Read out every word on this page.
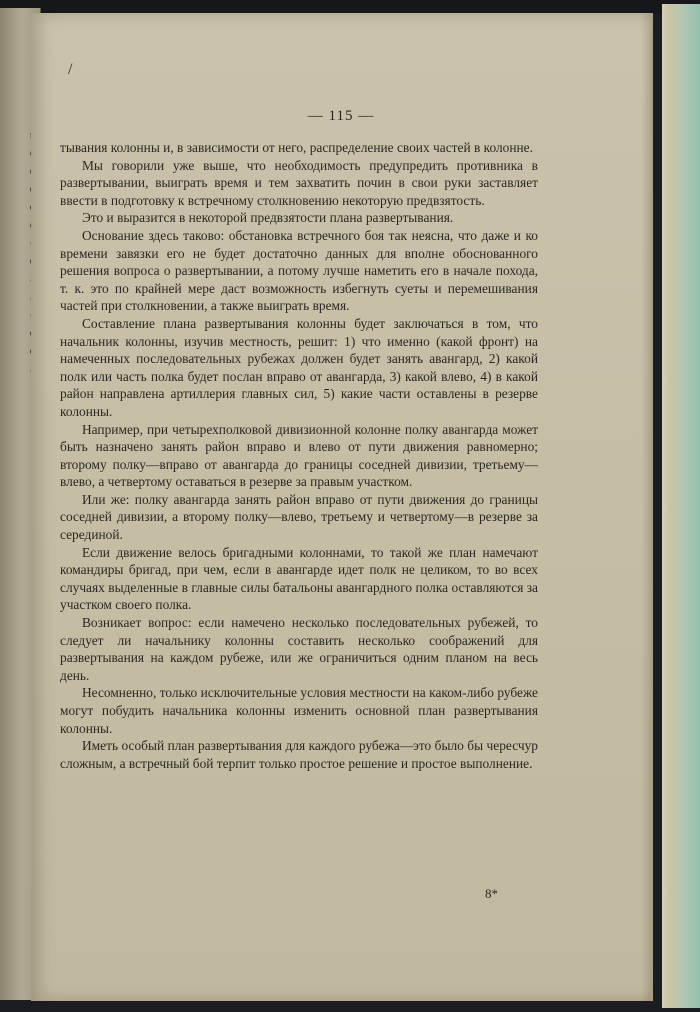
/
— 115 —

тывания колонны и, в зависимости от него, распределение своих частей в колонне.

Мы говорили уже выше, что необходимость предупредить противника в развертывании, выиграть время и тем захватить почин в свои руки заставляет ввести в подготовку к встречному столкновению некоторую предвзятость.

Это и выразится в некоторой предвзятости плана развертывания.

Основание здесь таково: обстановка встречного боя так неясна, что даже и ко времени завязки его не будет достаточно данных для вполне обоснованного решения вопроса о развертывании, а потому лучше наметить его в начале похода, т. к. это по крайней мере даст возможность избегнуть суеты и перемешивания частей при столкновении, а также выиграть время.

Составление плана развертывания колонны будет заключаться в том, что начальник колонны, изучив местность, решит: 1) что именно (какой фронт) на намеченных последовательных рубежах должен будет занять авангард, 2) какой полк или часть полка будет послан вправо от авангарда, 3) какой влево, 4) в какой район направлена артиллерия главных сил, 5) какие части оставлены в резерве колонны.

Например, при четырехполковой дивизионной колонне полку авангарда может быть назначено занять район вправо и влево от пути движения равномерно; второму полку—вправо от авангарда до границы соседней дивизии, третьему—влево, а четвертому оставаться в резерве за правым участком.

Или же: полку авангарда занять район вправо от пути движения до границы соседней дивизии, а второму полку—влево, третьему и четвертому—в резерве за серединой.

Если движение велось бригадными колоннами, то такой же план намечают командиры бригад, при чем, если в авангарде идет полк не целиком, то во всех случаях выделенные в главные силы батальоны авангардного полка оставляются за участком своего полка.

Возникает вопрос: если намечено несколько последовательных рубежей, то следует ли начальнику колонны составить несколько соображений для развертывания на каждом рубеже, или же ограничиться одним планом на весь день.

Несомненно, только исключительные условия местности на каком-либо рубеже могут побудить начальника колонны изменить основной план развертывания колонны.

Иметь особый план развертывания для каждого рубежа—это было бы чересчур сложным, а встречный бой терпит только простое решение и простое выполнение.

8*
